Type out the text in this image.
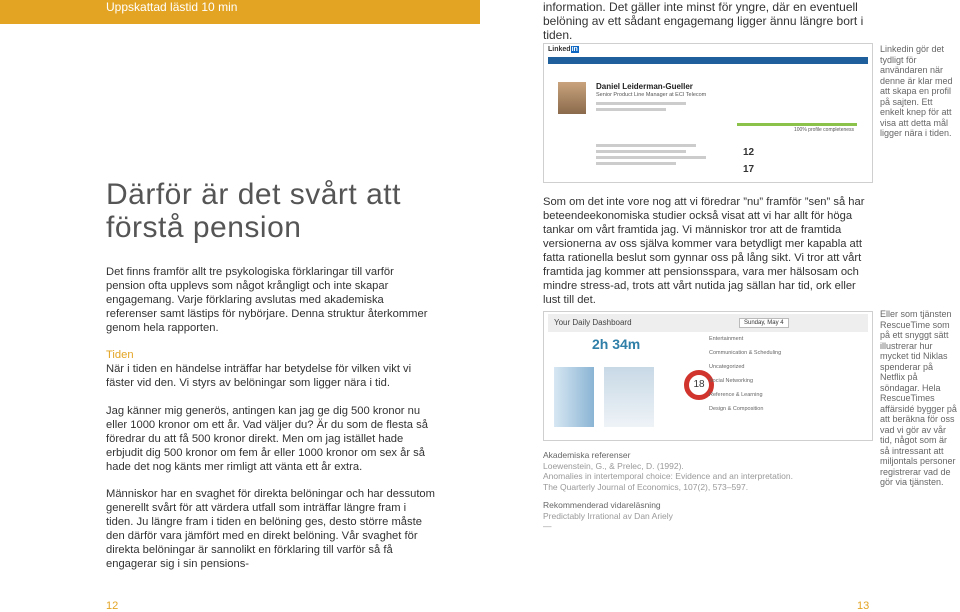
Uppskattad lästid 10 min	information. Det gäller inte minst för yngre, där en eventuell belöning av ett sådant engagemang ligger ännu längre bort i tiden.

Linkedin
Daniel Leiderman-Gueller
Senior Product Line Manager at ECI Telecom
100% profile completeness
12
17
Linkedin gör det tydligt för användaren när denne är klar med att skapa en profil på sajten. Ett enkelt knep för att visa att detta mål ligger nära i tiden.
Därför är det svårt att förstå pension

Det finns framför allt tre psykologiska förklaringar till varför pension ofta upplevs som något krångligt och inte skapar engagemang. Varje förklaring avslutas med akademiska referenser samt lästips för nybörjare. Denna struktur återkommer genom hela rapporten.

Tiden

När i tiden en händelse inträffar har betydelse för vilken vikt vi fäster vid den. Vi styrs av belöningar som ligger nära i tid.

Jag känner mig generös, antingen kan jag ge dig 500 kronor nu eller 1000 kronor om ett år. Vad väljer du? Är du som de flesta så föredrar du att få 500 kronor direkt. Men om jag istället hade erbjudit dig 500 kronor om fem år eller 1000 kronor om sex år så hade det nog känts mer rimligt att vänta ett år extra.

Människor har en svaghet för direkta belöningar och har dessutom generellt svårt för att värdera utfall som inträffar längre fram i tiden. Ju längre fram i tiden en belöning ges, desto större måste den därför vara jämfört med en direkt belöning. Vår svaghet för direkta belöningar är sannolikt en förklaring till varför så få engagerar sig i sin pensions-

Som om det inte vore nog att vi föredrar ”nu” framför ”sen” så har beteendeekonomiska studier också visat att vi har allt för höga tankar om vårt framtida jag. Vi människor tror att de framtida versionerna av oss själva kommer vara betydligt mer kapabla att fatta rationella beslut som gynnar oss på lång sikt. Vi tror att vårt framtida jag kommer att pensionsspara, vara mer hälsosam och mindre stress-ad, trots att vårt nutida jag sällan har tid, ork eller lust till det.

Your Daily Dashboard	Sunday, May 4
2h 34m
18
Entertainment
Communication & Scheduling
Uncategorized
Social Networking
Reference & Learning
Design & Composition
Eller som tjänsten RescueTime som på ett snyggt sätt illustrerar hur mycket tid Niklas spenderar på Netflix på söndagar. Hela RescueTimes affärsidé bygger på att beräkna för oss vad vi gör av vår tid, något som är så intressant att miljontals personer registrerar vad de gör via tjänsten.
Akademiska referenser
Loewenstein, G., & Prelec, D. (1992).
Anomalies in intertemporal choice: Evidence and an interpretation.
The Quarterly Journal of Economics, 107(2), 573–597.
Rekommenderad vidareläsning
Predictably Irrational av Dan Ariely
—
12	13
